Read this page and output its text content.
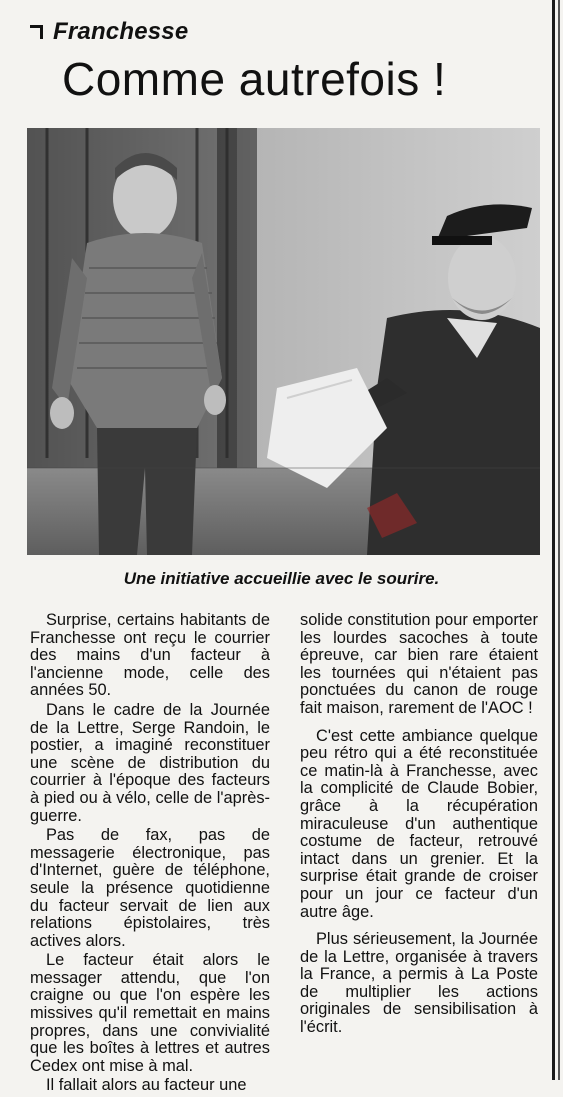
Franchesse
Comme autrefois !
Une initiative accueillie avec le sourire.

Surprise, certains habitants de Franchesse ont reçu le courrier des mains d'un facteur à l'ancienne mode, celle des années 50.

Dans le cadre de la Journée de la Lettre, Serge Randoin, le postier, a imaginé reconstituer une scène de distribution du courrier à l'époque des facteurs à pied ou à vélo, celle de l'après-guerre.

Pas de fax, pas de messagerie électronique, pas d'Internet, guère de téléphone, seule la présence quotidienne du facteur servait de lien aux relations épistolaires, très actives alors.

Le facteur était alors le messager attendu, que l'on craigne ou que l'on espère les missives qu'il remettait en mains propres, dans une convivialité que les boîtes à lettres et autres Cedex ont mise à mal.

Il fallait alors au facteur une

solide constitution pour emporter les lourdes sacoches à toute épreuve, car bien rare étaient les tournées qui n'étaient pas ponctuées du canon de rouge fait maison, rarement de l'AOC !

C'est cette ambiance quelque peu rétro qui a été reconstituée ce matin-là à Franchesse, avec la complicité de Claude Bobier, grâce à la récupération miraculeuse d'un authentique costume de facteur, retrouvé intact dans un grenier. Et la surprise était grande de croiser pour un jour ce facteur d'un autre âge.

Plus sérieusement, la Journée de la Lettre, organisée à travers la France, a permis à La Poste de multiplier les actions originales de sensibilisation à l'écrit.
